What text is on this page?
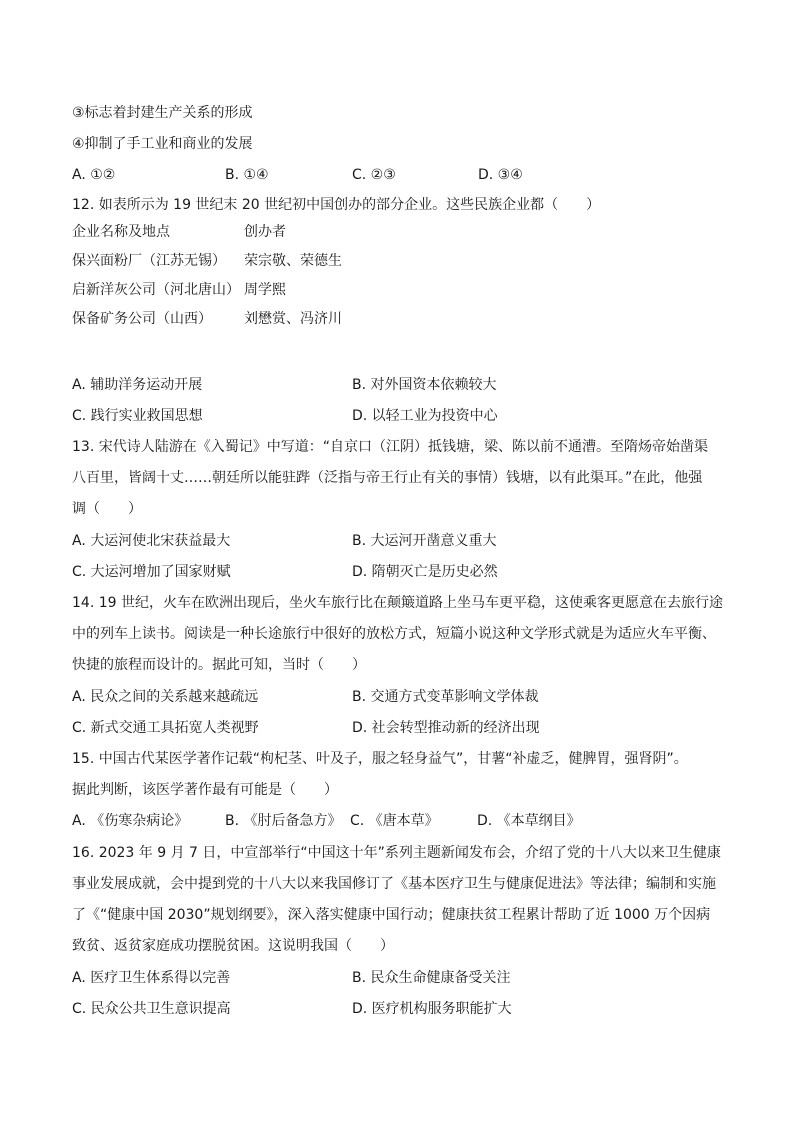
③标志着封建生产关系的形成
④抑制了手工业和商业的发展
A. ①②	B. ①④	C. ②③	D. ③④
12. 如表所示为 19 世纪末 20 世纪初中国创办的部分企业。这些民族企业都（　　）
企业名称及地点	创办者
保兴面粉厂（江苏无锡） 荣宗敬、荣德生
启新洋灰公司（河北唐山） 周学熙
保备矿务公司（山西） 刘懋赏、冯济川
A. 辅助洋务运动开展	B. 对外国资本依赖较大
C. 践行实业救国思想	D. 以轻工业为投资中心
13. 宋代诗人陆游在《入蜀记》中写道：“自京口（江阴）抵钱塘，梁、陈以前不通漕。至隋炀帝始凿渠
八百里，皆阔十丈……朝廷所以能驻跸（泛指与帝王行止有关的事情）钱塘，以有此渠耳。”在此，他强
调（　　）
A. 大运河使北宋获益最大	B. 大运河开凿意义重大
C. 大运河增加了国家财赋	D. 隋朝灭亡是历史必然
14. 19 世纪，火车在欧洲出现后，坐火车旅行比在颠簸道路上坐马车更平稳，这使乘客更愿意在去旅行途
中的列车上读书。阅读是一种长途旅行中很好的放松方式，短篇小说这种文学形式就是为适应火车平衡、
快捷的旅程而设计的。据此可知，当时（　　）
A. 民众之间的关系越来越疏远	B. 交通方式变革影响文学体裁
C. 新式交通工具拓宽人类视野	D. 社会转型推动新的经济出现
15. 中国古代某医学著作记载“枸杞茎、叶及子，服之轻身益气”，甘薯“补虚乏，健脾胃，强肾阴”。
据此判断，该医学著作最有可能是（　　）
A. 《伤寒杂病论》	B. 《肘后备急方》 C. 《唐本草》	D. 《本草纲目》
16. 2023 年 9 月 7 日，中宣部举行“中国这十年”系列主题新闻发布会，介绍了党的十八大以来卫生健康
事业发展成就，会中提到党的十八大以来我国修订了《基本医疗卫生与健康促进法》等法律；编制和实施
了《“健康中国 2030”规划纲要》，深入落实健康中国行动；健康扶贫工程累计帮助了近 1000 万个因病
致贫、返贫家庭成功摆脱贫困。这说明我国（　　）
A. 医疗卫生体系得以完善	B. 民众生命健康备受关注
C. 民众公共卫生意识提高	D. 医疗机构服务职能扩大
